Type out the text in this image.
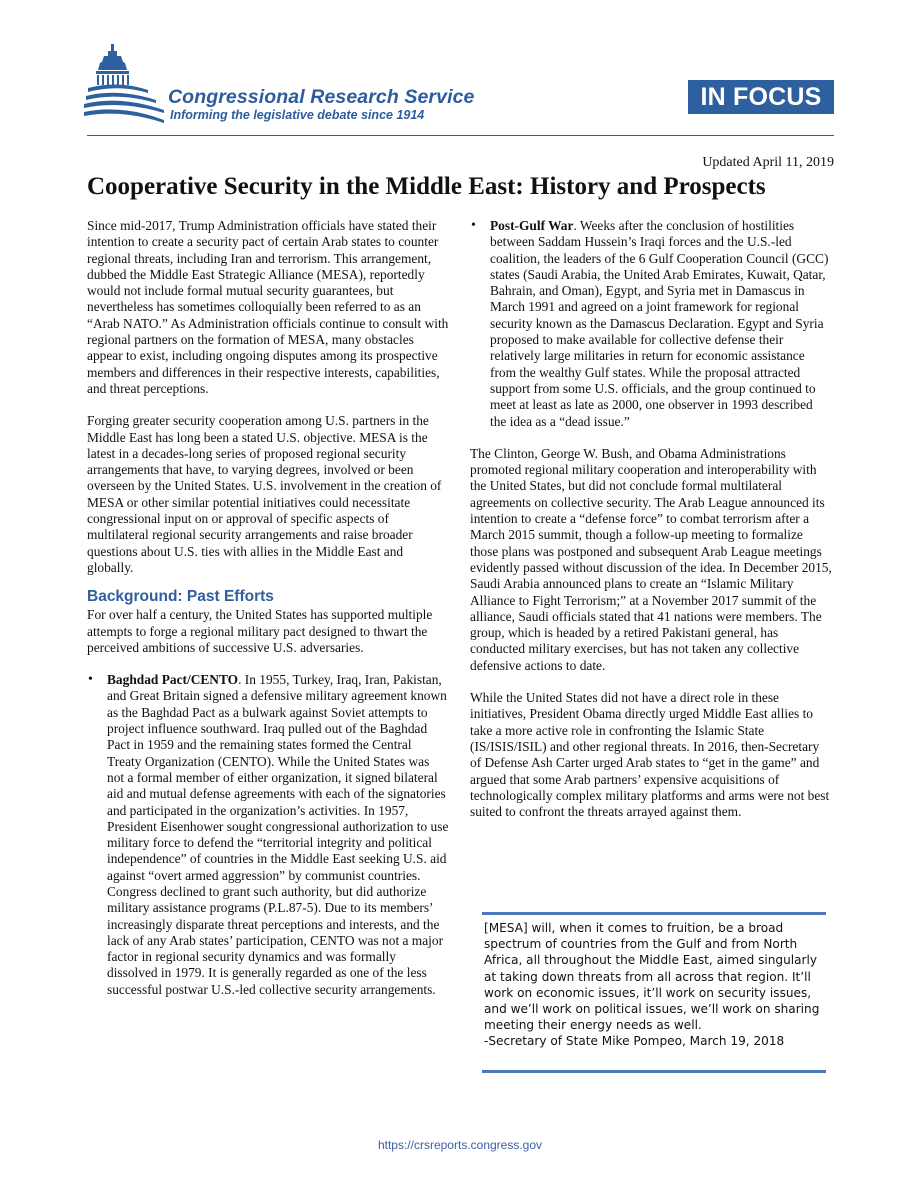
Congressional Research Service
Informing the legislative debate since 1914
IN FOCUS
Updated April 11, 2019
Cooperative Security in the Middle East: History and Prospects

Since mid-2017, Trump Administration officials have stated their intention to create a security pact of certain Arab states to counter regional threats, including Iran and terrorism. This arrangement, dubbed the Middle East Strategic Alliance (MESA), reportedly would not include formal mutual security guarantees, but nevertheless has sometimes colloquially been referred to as an “Arab NATO.” As Administration officials continue to consult with regional partners on the formation of MESA, many obstacles appear to exist, including ongoing disputes among its prospective members and differences in their respective interests, capabilities, and threat perceptions.

Forging greater security cooperation among U.S. partners in the Middle East has long been a stated U.S. objective. MESA is the latest in a decades-long series of proposed regional security arrangements that have, to varying degrees, involved or been overseen by the United States. U.S. involvement in the creation of MESA or other similar potential initiatives could necessitate congressional input on or approval of specific aspects of multilateral regional security arrangements and raise broader questions about U.S. ties with allies in the Middle East and globally.

Background: Past Efforts

For over half a century, the United States has supported multiple attempts to forge a regional military pact designed to thwart the perceived ambitions of successive U.S. adversaries.

• Baghdad Pact/CENTO. In 1955, Turkey, Iraq, Iran, Pakistan, and Great Britain signed a defensive military agreement known as the Baghdad Pact as a bulwark against Soviet attempts to project influence southward. Iraq pulled out of the Baghdad Pact in 1959 and the remaining states formed the Central Treaty Organization (CENTO). While the United States was not a formal member of either organization, it signed bilateral aid and mutual defense agreements with each of the signatories and participated in the organization’s activities. In 1957, President Eisenhower sought congressional authorization to use military force to defend the “territorial integrity and political independence” of countries in the Middle East seeking U.S. aid against “overt armed aggression” by communist countries. Congress declined to grant such authority, but did authorize military assistance programs (P.L.87-5). Due to its members’ increasingly disparate threat perceptions and interests, and the lack of any Arab states’ participation, CENTO was not a major factor in regional security dynamics and was formally dissolved in 1979. It is generally regarded as one of the less successful postwar U.S.-led collective security arrangements.

• Post-Gulf War. Weeks after the conclusion of hostilities between Saddam Hussein’s Iraqi forces and the U.S.-led coalition, the leaders of the 6 Gulf Cooperation Council (GCC) states (Saudi Arabia, the United Arab Emirates, Kuwait, Qatar, Bahrain, and Oman), Egypt, and Syria met in Damascus in March 1991 and agreed on a joint framework for regional security known as the Damascus Declaration. Egypt and Syria proposed to make available for collective defense their relatively large militaries in return for economic assistance from the wealthy Gulf states. While the proposal attracted support from some U.S. officials, and the group continued to meet at least as late as 2000, one observer in 1993 described the idea as a “dead issue.”

The Clinton, George W. Bush, and Obama Administrations promoted regional military cooperation and interoperability with the United States, but did not conclude formal multilateral agreements on collective security. The Arab League announced its intention to create a “defense force” to combat terrorism after a March 2015 summit, though a follow-up meeting to formalize those plans was postponed and subsequent Arab League meetings evidently passed without discussion of the idea. In December 2015, Saudi Arabia announced plans to create an “Islamic Military Alliance to Fight Terrorism;” at a November 2017 summit of the alliance, Saudi officials stated that 41 nations were members. The group, which is headed by a retired Pakistani general, has conducted military exercises, but has not taken any collective defensive actions to date.

While the United States did not have a direct role in these initiatives, President Obama directly urged Middle East allies to take a more active role in confronting the Islamic State (IS/ISIS/ISIL) and other regional threats. In 2016, then-Secretary of Defense Ash Carter urged Arab states to “get in the game” and argued that some Arab partners’ expensive acquisitions of technologically complex military platforms and arms were not best suited to confront the threats arrayed against them.

[MESA] will, when it comes to fruition, be a broad spectrum of countries from the Gulf and from North Africa, all throughout the Middle East, aimed singularly at taking down threats from all across that region. It’ll work on economic issues, it’ll work on security issues, and we’ll work on political issues, we’ll work on sharing meeting their energy needs as well.

-Secretary of State Mike Pompeo, March 19, 2018

https://crsreports.congress.gov
